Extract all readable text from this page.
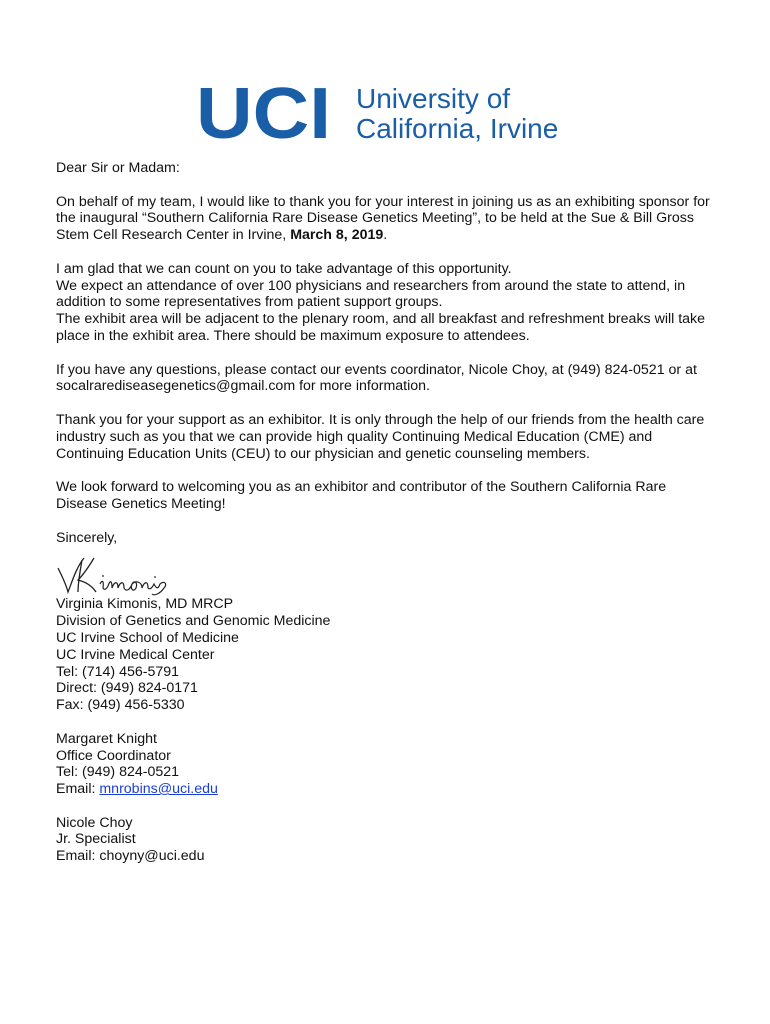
UCI University of
California, Irvine

Dear Sir or Madam:

On behalf of my team, I would like to thank you for your interest in joining us as an exhibiting sponsor for the inaugural “Southern California Rare Disease Genetics Meeting”, to be held at the Sue & Bill Gross Stem Cell Research Center in Irvine, March 8, 2019.

I am glad that we can count on you to take advantage of this opportunity.

We expect an attendance of over 100 physicians and researchers from around the state to attend, in addition to some representatives from patient support groups.

The exhibit area will be adjacent to the plenary room, and all breakfast and refreshment breaks will take place in the exhibit area. There should be maximum exposure to attendees.

If you have any questions, please contact our events coordinator, Nicole Choy, at (949) 824-0521 or at socalrarediseasegenetics@gmail.com for more information.

Thank you for your support as an exhibitor. It is only through the help of our friends from the health care industry such as you that we can provide high quality Continuing Medical Education (CME) and Continuing Education Units (CEU) to our physician and genetic counseling members.

We look forward to welcoming you as an exhibitor and contributor of the Southern California Rare Disease Genetics Meeting!

Sincerely,

Virginia Kimonis, MD MRCP

Division of Genetics and Genomic Medicine

UC Irvine School of Medicine

UC Irvine Medical Center

Tel: (714) 456-5791

Direct: (949) 824-0171

Fax: (949) 456-5330

Margaret Knight

Office Coordinator

Tel: (949) 824-0521

Email: mnrobins@uci.edu

Nicole Choy

Jr. Specialist

Email: choyny@uci.edu
